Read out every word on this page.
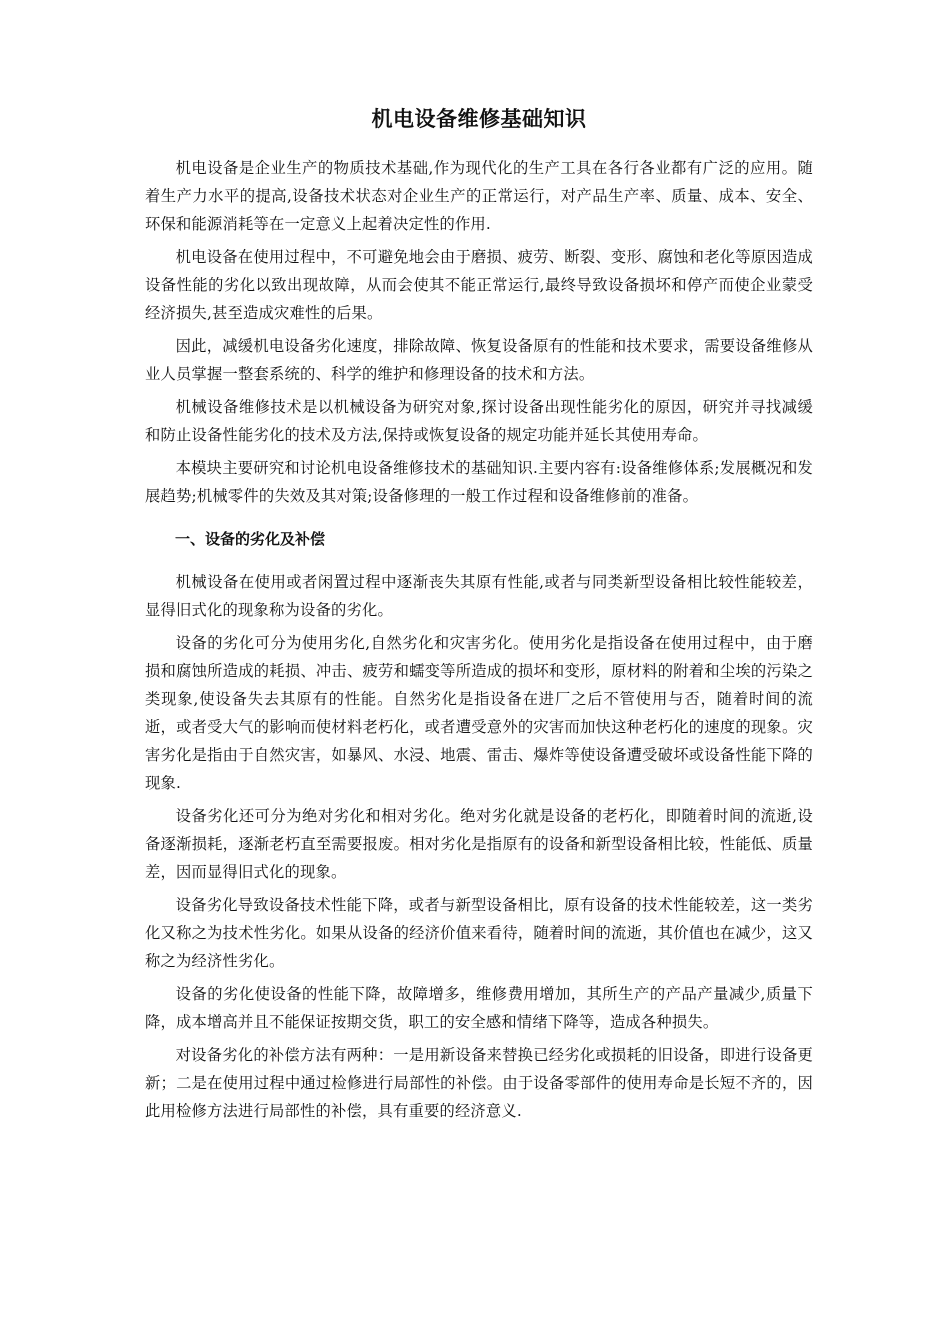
机电设备维修基础知识

机电设备是企业生产的物质技术基础,作为现代化的生产工具在各行各业都有广泛的应用。随着生产力水平的提高,设备技术状态对企业生产的正常运行，对产品生产率、质量、成本、安全、环保和能源消耗等在一定意义上起着决定性的作用.

机电设备在使用过程中，不可避免地会由于磨损、疲劳、断裂、变形、腐蚀和老化等原因造成设备性能的劣化以致出现故障，从而会使其不能正常运行,最终导致设备损坏和停产而使企业蒙受经济损失,甚至造成灾难性的后果。

因此，减缓机电设备劣化速度，排除故障、恢复设备原有的性能和技术要求，需要设备维修从业人员掌握一整套系统的、科学的维护和修理设备的技术和方法。

机械设备维修技术是以机械设备为研究对象,探讨设备出现性能劣化的原因，研究并寻找减缓和防止设备性能劣化的技术及方法,保持或恢复设备的规定功能并延长其使用寿命。

本模块主要研究和讨论机电设备维修技术的基础知识.主要内容有:设备维修体系;发展概况和发展趋势;机械零件的失效及其对策;设备修理的一般工作过程和设备维修前的准备。

一、设备的劣化及补偿

机械设备在使用或者闲置过程中逐渐丧失其原有性能,或者与同类新型设备相比较性能较差，显得旧式化的现象称为设备的劣化。

设备的劣化可分为使用劣化,自然劣化和灾害劣化。使用劣化是指设备在使用过程中，由于磨损和腐蚀所造成的耗损、冲击、疲劳和蠕变等所造成的损坏和变形，原材料的附着和尘埃的污染之类现象,使设备失去其原有的性能。自然劣化是指设备在进厂之后不管使用与否，随着时间的流逝，或者受大气的影响而使材料老朽化，或者遭受意外的灾害而加快这种老朽化的速度的现象。灾害劣化是指由于自然灾害，如暴风、水浸、地震、雷击、爆炸等使设备遭受破坏或设备性能下降的现象.

设备劣化还可分为绝对劣化和相对劣化。绝对劣化就是设备的老朽化，即随着时间的流逝,设备逐渐损耗，逐渐老朽直至需要报废。相对劣化是指原有的设备和新型设备相比较，性能低、质量差，因而显得旧式化的现象。

设备劣化导致设备技术性能下降，或者与新型设备相比，原有设备的技术性能较差，这一类劣化又称之为技术性劣化。如果从设备的经济价值来看待，随着时间的流逝，其价值也在减少，这又称之为经济性劣化。

设备的劣化使设备的性能下降，故障增多，维修费用增加，其所生产的产品产量减少,质量下降，成本增高并且不能保证按期交货，职工的安全感和情绪下降等，造成各种损失。

对设备劣化的补偿方法有两种：一是用新设备来替换已经劣化或损耗的旧设备，即进行设备更新；二是在使用过程中通过检修进行局部性的补偿。由于设备零部件的使用寿命是长短不齐的，因此用检修方法进行局部性的补偿，具有重要的经济意义.
